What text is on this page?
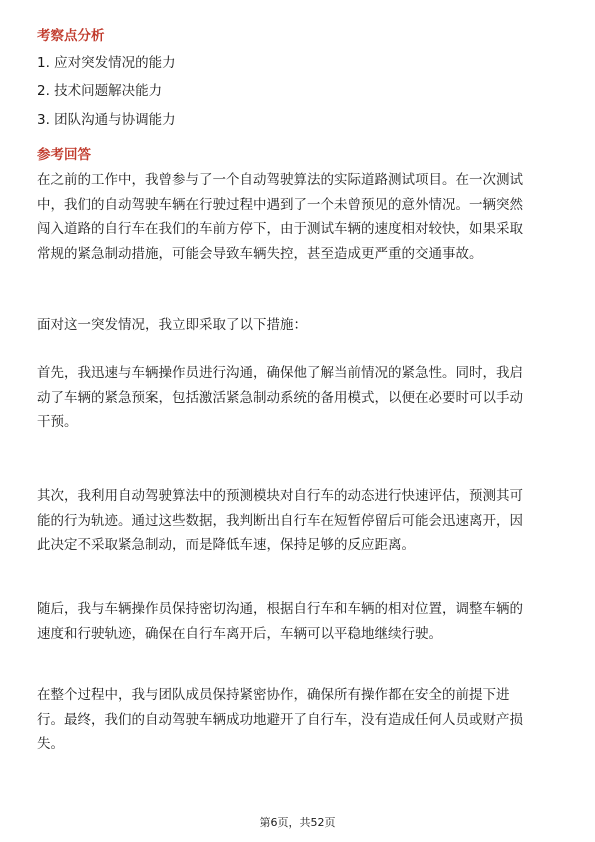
考察点分析
1. 应对突发情况的能力
2. 技术问题解决能力
3. 团队沟通与协调能力
参考回答
在之前的工作中，我曾参与了一个自动驾驶算法的实际道路测试项目。在一次测试
中，我们的自动驾驶车辆在行驶过程中遇到了一个未曾预见的意外情况。一辆突然
闯入道路的自行车在我们的车前方停下，由于测试车辆的速度相对较快，如果采取
常规的紧急制动措施，可能会导致车辆失控，甚至造成更严重的交通事故。
面对这一突发情况，我立即采取了以下措施：
首先，我迅速与车辆操作员进行沟通，确保他了解当前情况的紧急性。同时，我启
动了车辆的紧急预案，包括激活紧急制动系统的备用模式，以便在必要时可以手动
干预。
其次，我利用自动驾驶算法中的预测模块对自行车的动态进行快速评估，预测其可
能的行为轨迹。通过这些数据，我判断出自行车在短暂停留后可能会迅速离开，因
此决定不采取紧急制动，而是降低车速，保持足够的反应距离。
随后，我与车辆操作员保持密切沟通，根据自行车和车辆的相对位置，调整车辆的
速度和行驶轨迹，确保在自行车离开后，车辆可以平稳地继续行驶。
在整个过程中，我与团队成员保持紧密协作，确保所有操作都在安全的前提下进
行。最终，我们的自动驾驶车辆成功地避开了自行车，没有造成任何人员或财产损
失。
第6页，共52页
